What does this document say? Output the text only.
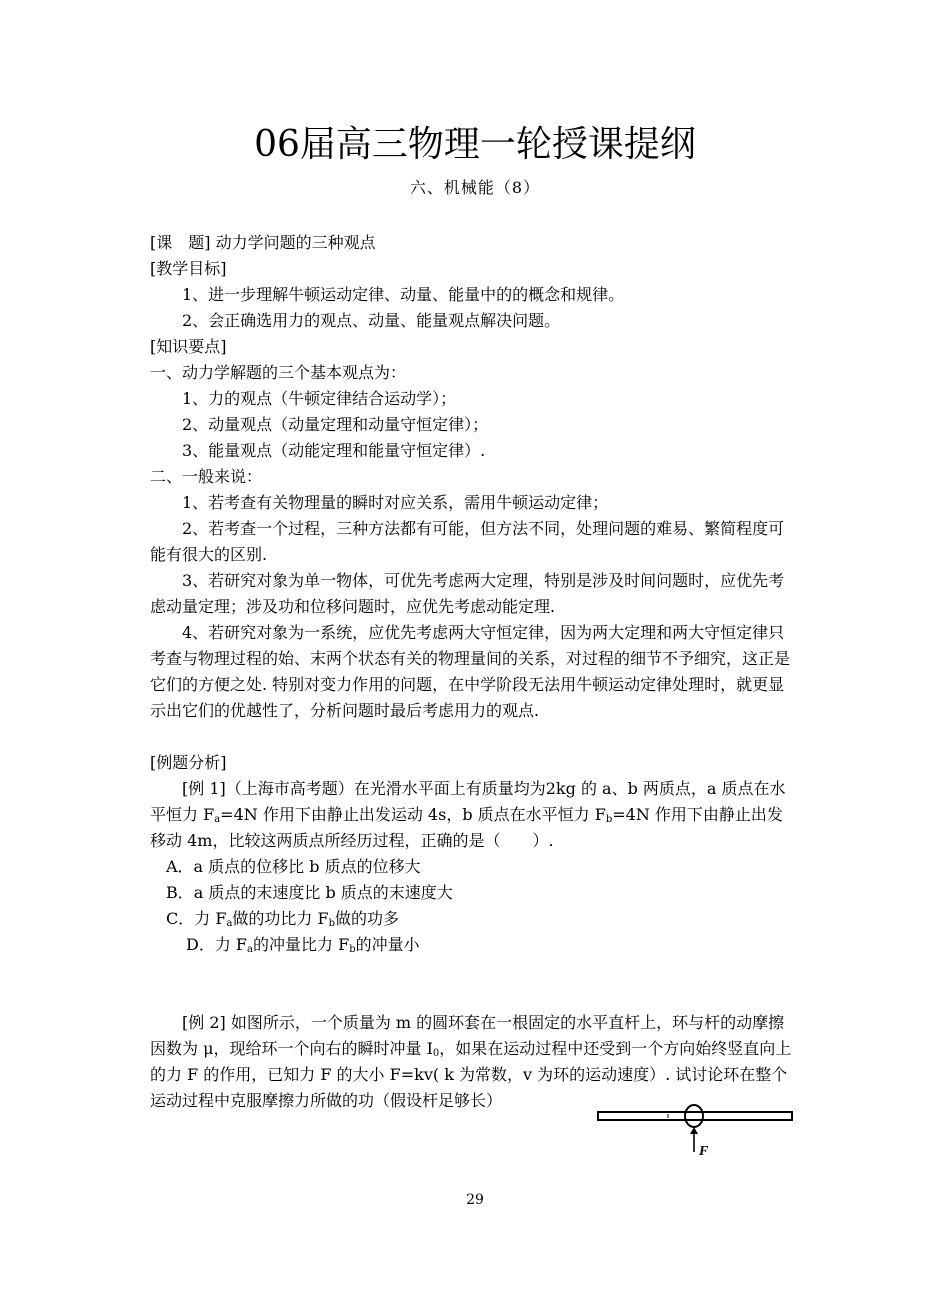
06届高三物理一轮授课提纲
六、机械能（8）

[课　题] 动力学问题的三种观点

[教学目标]

1、进一步理解牛顿运动定律、动量、能量中的的概念和规律。

2、会正确选用力的观点、动量、能量观点解决问题。

[知识要点]

一、动力学解题的三个基本观点为：

1、力的观点（牛顿定律结合运动学）；

2、动量观点（动量定理和动量守恒定律）；

3、能量观点（动能定理和能量守恒定律）.

二、一般来说：

1、若考查有关物理量的瞬时对应关系，需用牛顿运动定律；

2、若考查一个过程，三种方法都有可能，但方法不同，处理问题的难易、繁简程度可能有很大的区别.

3、若研究对象为单一物体，可优先考虑两大定理，特别是涉及时间问题时，应优先考虑动量定理；涉及功和位移问题时，应优先考虑动能定理.

4、若研究对象为一系统，应优先考虑两大守恒定律，因为两大定理和两大守恒定律只考查与物理过程的始、末两个状态有关的物理量间的关系，对过程的细节不予细究，这正是它们的方便之处. 特别对变力作用的问题，在中学阶段无法用牛顿运动定律处理时，就更显示出它们的优越性了，分析问题时最后考虑用力的观点.

[例题分析]

[例 1]（上海市高考题）在光滑水平面上有质量均为2kg 的 a、b 两质点，a 质点在水平恒力 $F_a=4N$ 作用下由静止出发运动 4s，b 质点在水平恒力 $F_b=4N$ 作用下由静止出发移动 4m，比较这两质点所经历过程，正确的是（　　）.

A．a 质点的位移比 b 质点的位移大

B．a 质点的末速度比 b 质点的末速度大

C．力 $F_a$做的功比力 $F_b$做的功多

D．力 $F_a$的冲量比力 $F_b$的冲量小

[例 2] 如图所示，一个质量为 m 的圆环套在一根固定的水平直杆上，环与杆的动摩擦因数为 μ，现给环一个向右的瞬时冲量 $I_0$，如果在运动过程中还受到一个方向始终竖直向上的力 F 的作用，已知力 F 的大小 F=kv( k 为常数，v 为环的运动速度）. 试讨论环在整个运动过程中克服摩擦力所做的功（假设杆足够长）

F
29
